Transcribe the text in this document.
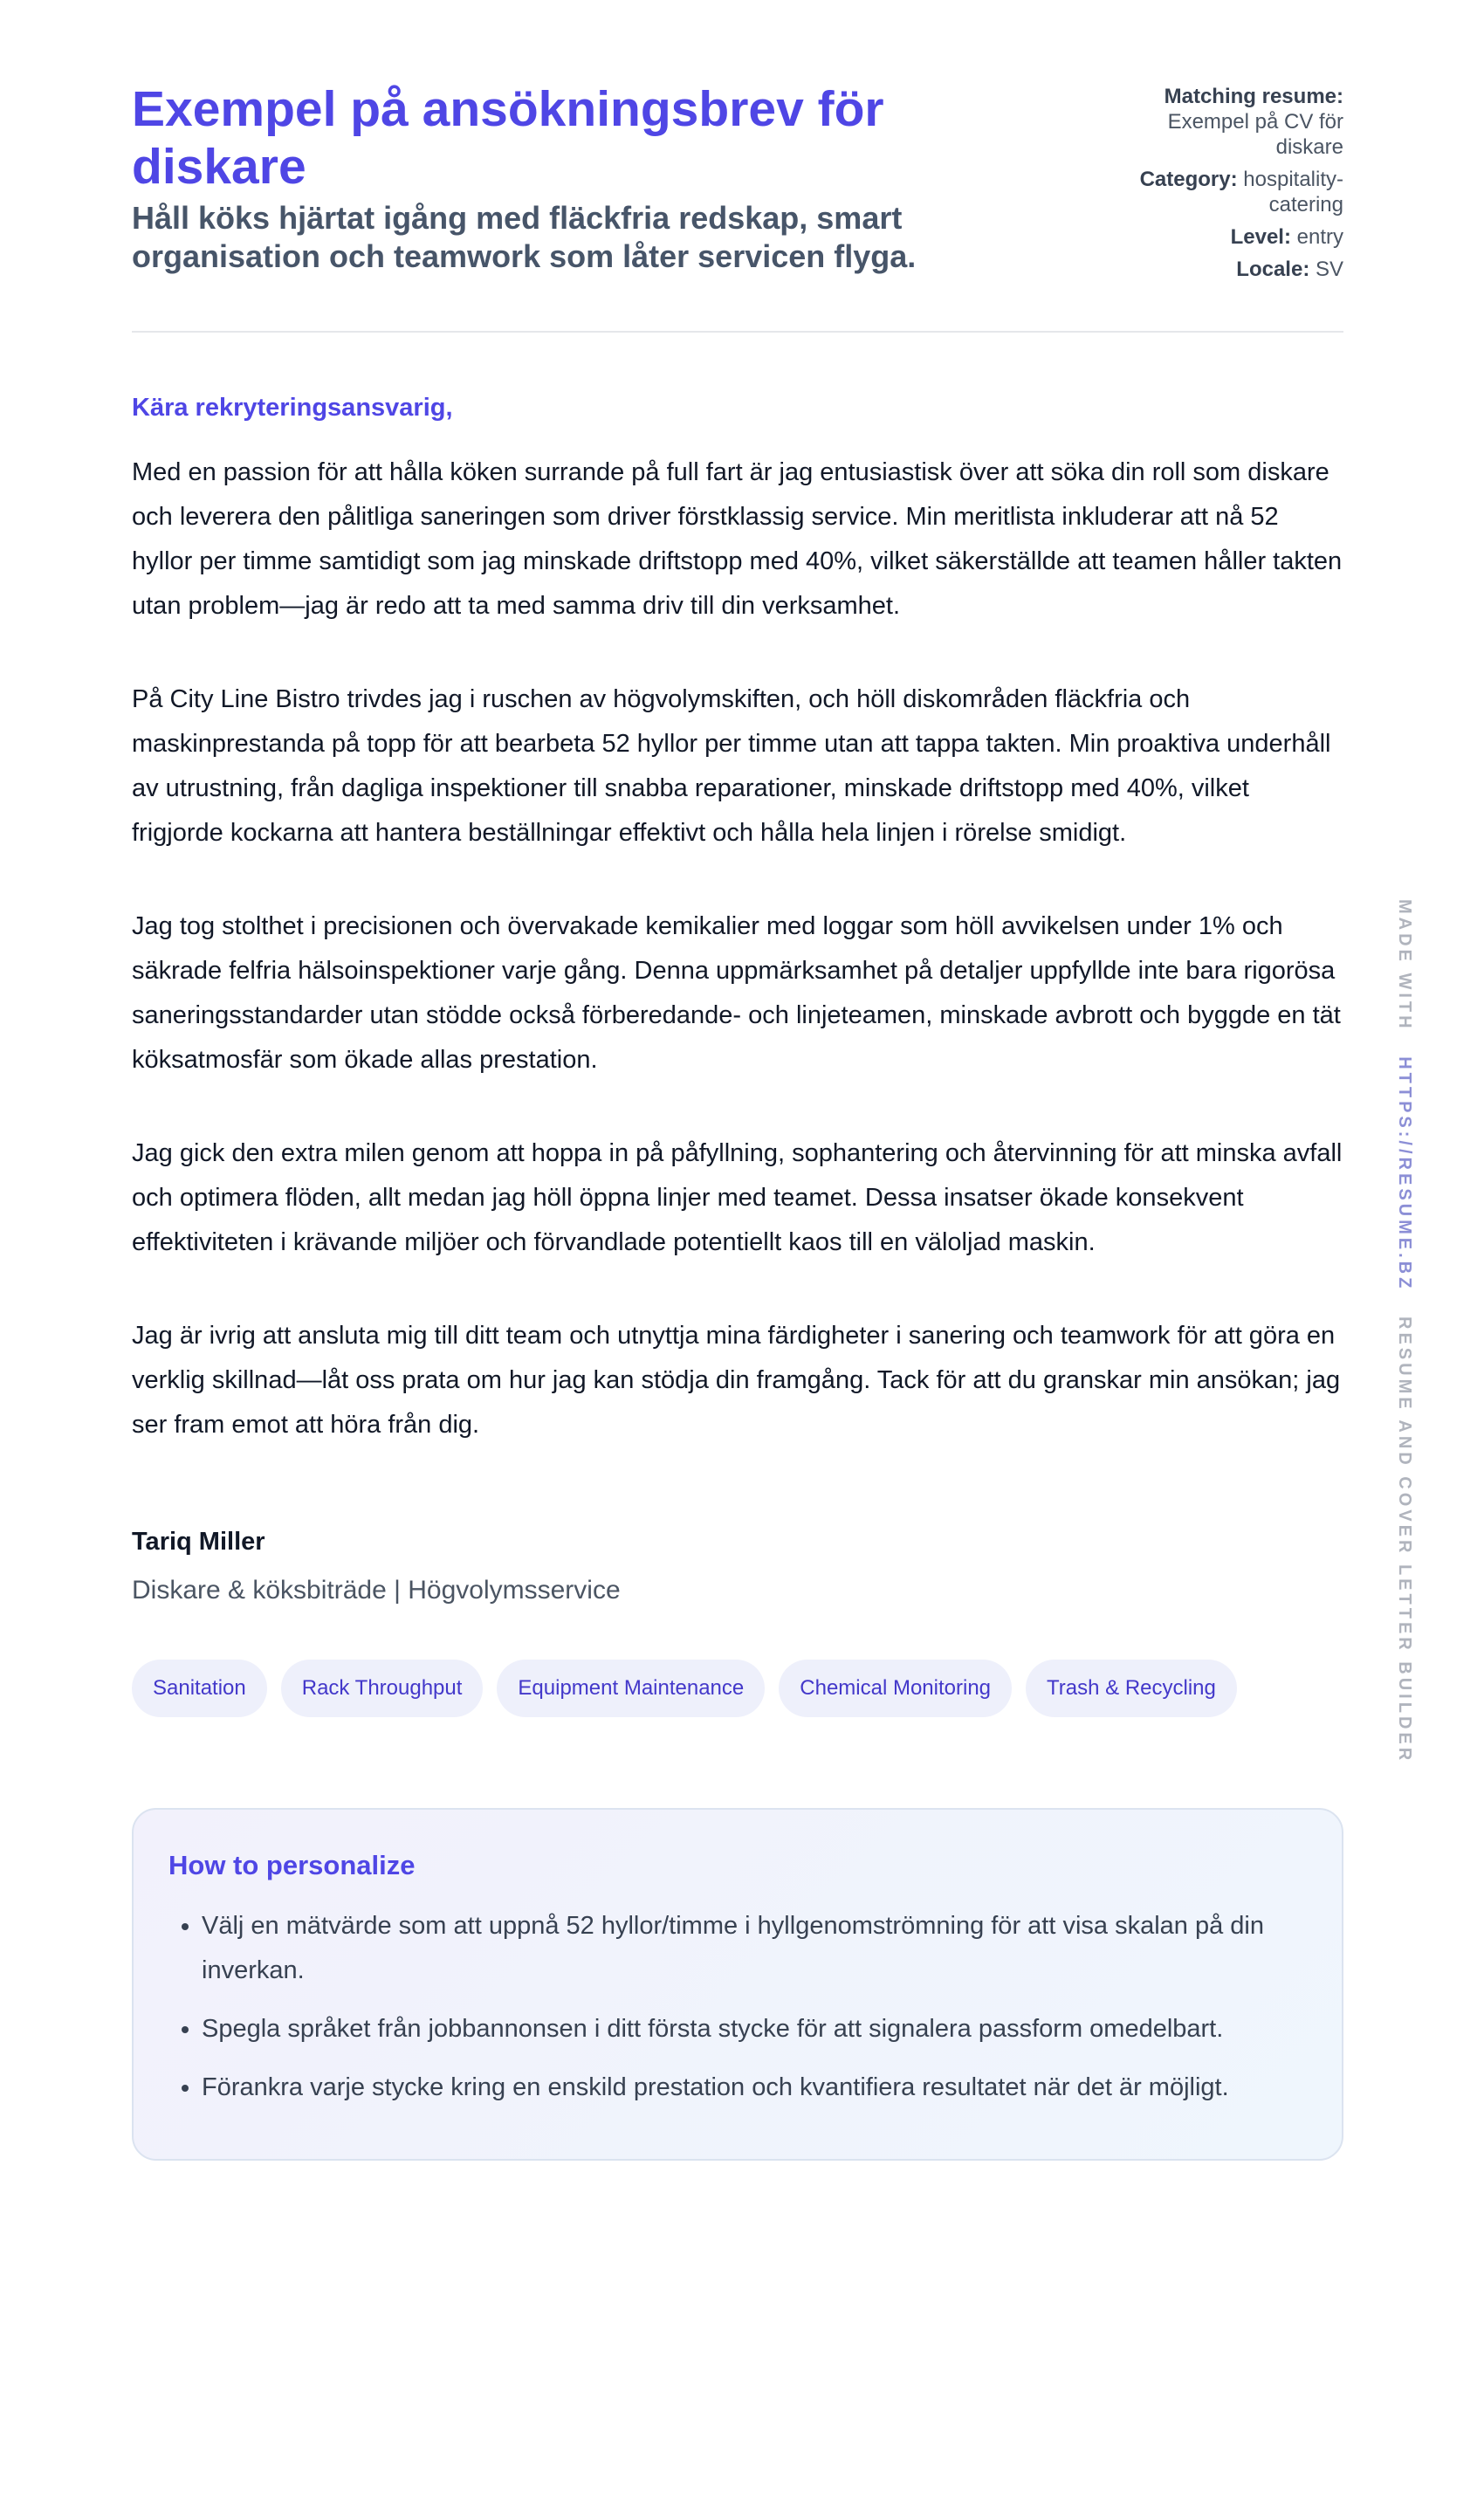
Exempel på ansökningsbrev för diskare

Håll köks hjärtat igång med fläckfria redskap, smart organisation och teamwork som låter servicen flyga.

Matching resume:
Exempel på CV för diskare
Category: hospitality-catering
Level: entry
Locale: SV
Kära rekryteringsansvarig,

Med en passion för att hålla köken surrande på full fart är jag entusiastisk över att söka din roll som diskare och leverera den pålitliga saneringen som driver förstklassig service. Min meritlista inkluderar att nå 52 hyllor per timme samtidigt som jag minskade driftstopp med 40%, vilket säkerställde att teamen håller takten utan problem—jag är redo att ta med samma driv till din verksamhet.

På City Line Bistro trivdes jag i ruschen av högvolymskiften, och höll diskområden fläckfria och maskinprestanda på topp för att bearbeta 52 hyllor per timme utan att tappa takten. Min proaktiva underhåll av utrustning, från dagliga inspektioner till snabba reparationer, minskade driftstopp med 40%, vilket frigjorde kockarna att hantera beställningar effektivt och hålla hela linjen i rörelse smidigt.

Jag tog stolthet i precisionen och övervakade kemikalier med loggar som höll avvikelsen under 1% och säkrade felfria hälsoinspektioner varje gång. Denna uppmärksamhet på detaljer uppfyllde inte bara rigorösa saneringsstandarder utan stödde också förberedande- och linjeteamen, minskade avbrott och byggde en tät köksatmosfär som ökade allas prestation.

Jag gick den extra milen genom att hoppa in på påfyllning, sophantering och återvinning för att minska avfall och optimera flöden, allt medan jag höll öppna linjer med teamet. Dessa insatser ökade konsekvent effektiviteten i krävande miljöer och förvandlade potentiellt kaos till en väloljad maskin.

Jag är ivrig att ansluta mig till ditt team och utnyttja mina färdigheter i sanering och teamwork för att göra en verklig skillnad—låt oss prata om hur jag kan stödja din framgång. Tack för att du granskar min ansökan; jag ser fram emot att höra från dig.

Tariq Miller
Diskare & köksbiträde | Högvolymsservice
Sanitation	Rack Throughput	Equipment Maintenance	Chemical Monitoring	Trash & Recycling
How to personalize
• Välj en mätvärde som att uppnå 52 hyllor/timme i hyllgenomströmning för att visa skalan på din inverkan.
• Spegla språket från jobbannonsen i ditt första stycke för att signalera passform omedelbart.
• Förankra varje stycke kring en enskild prestation och kvantifiera resultatet när det är möjligt.
MADE WITH   HTTPS://RESUME.BZ   RESUME AND COVER LETTER BUILDER
